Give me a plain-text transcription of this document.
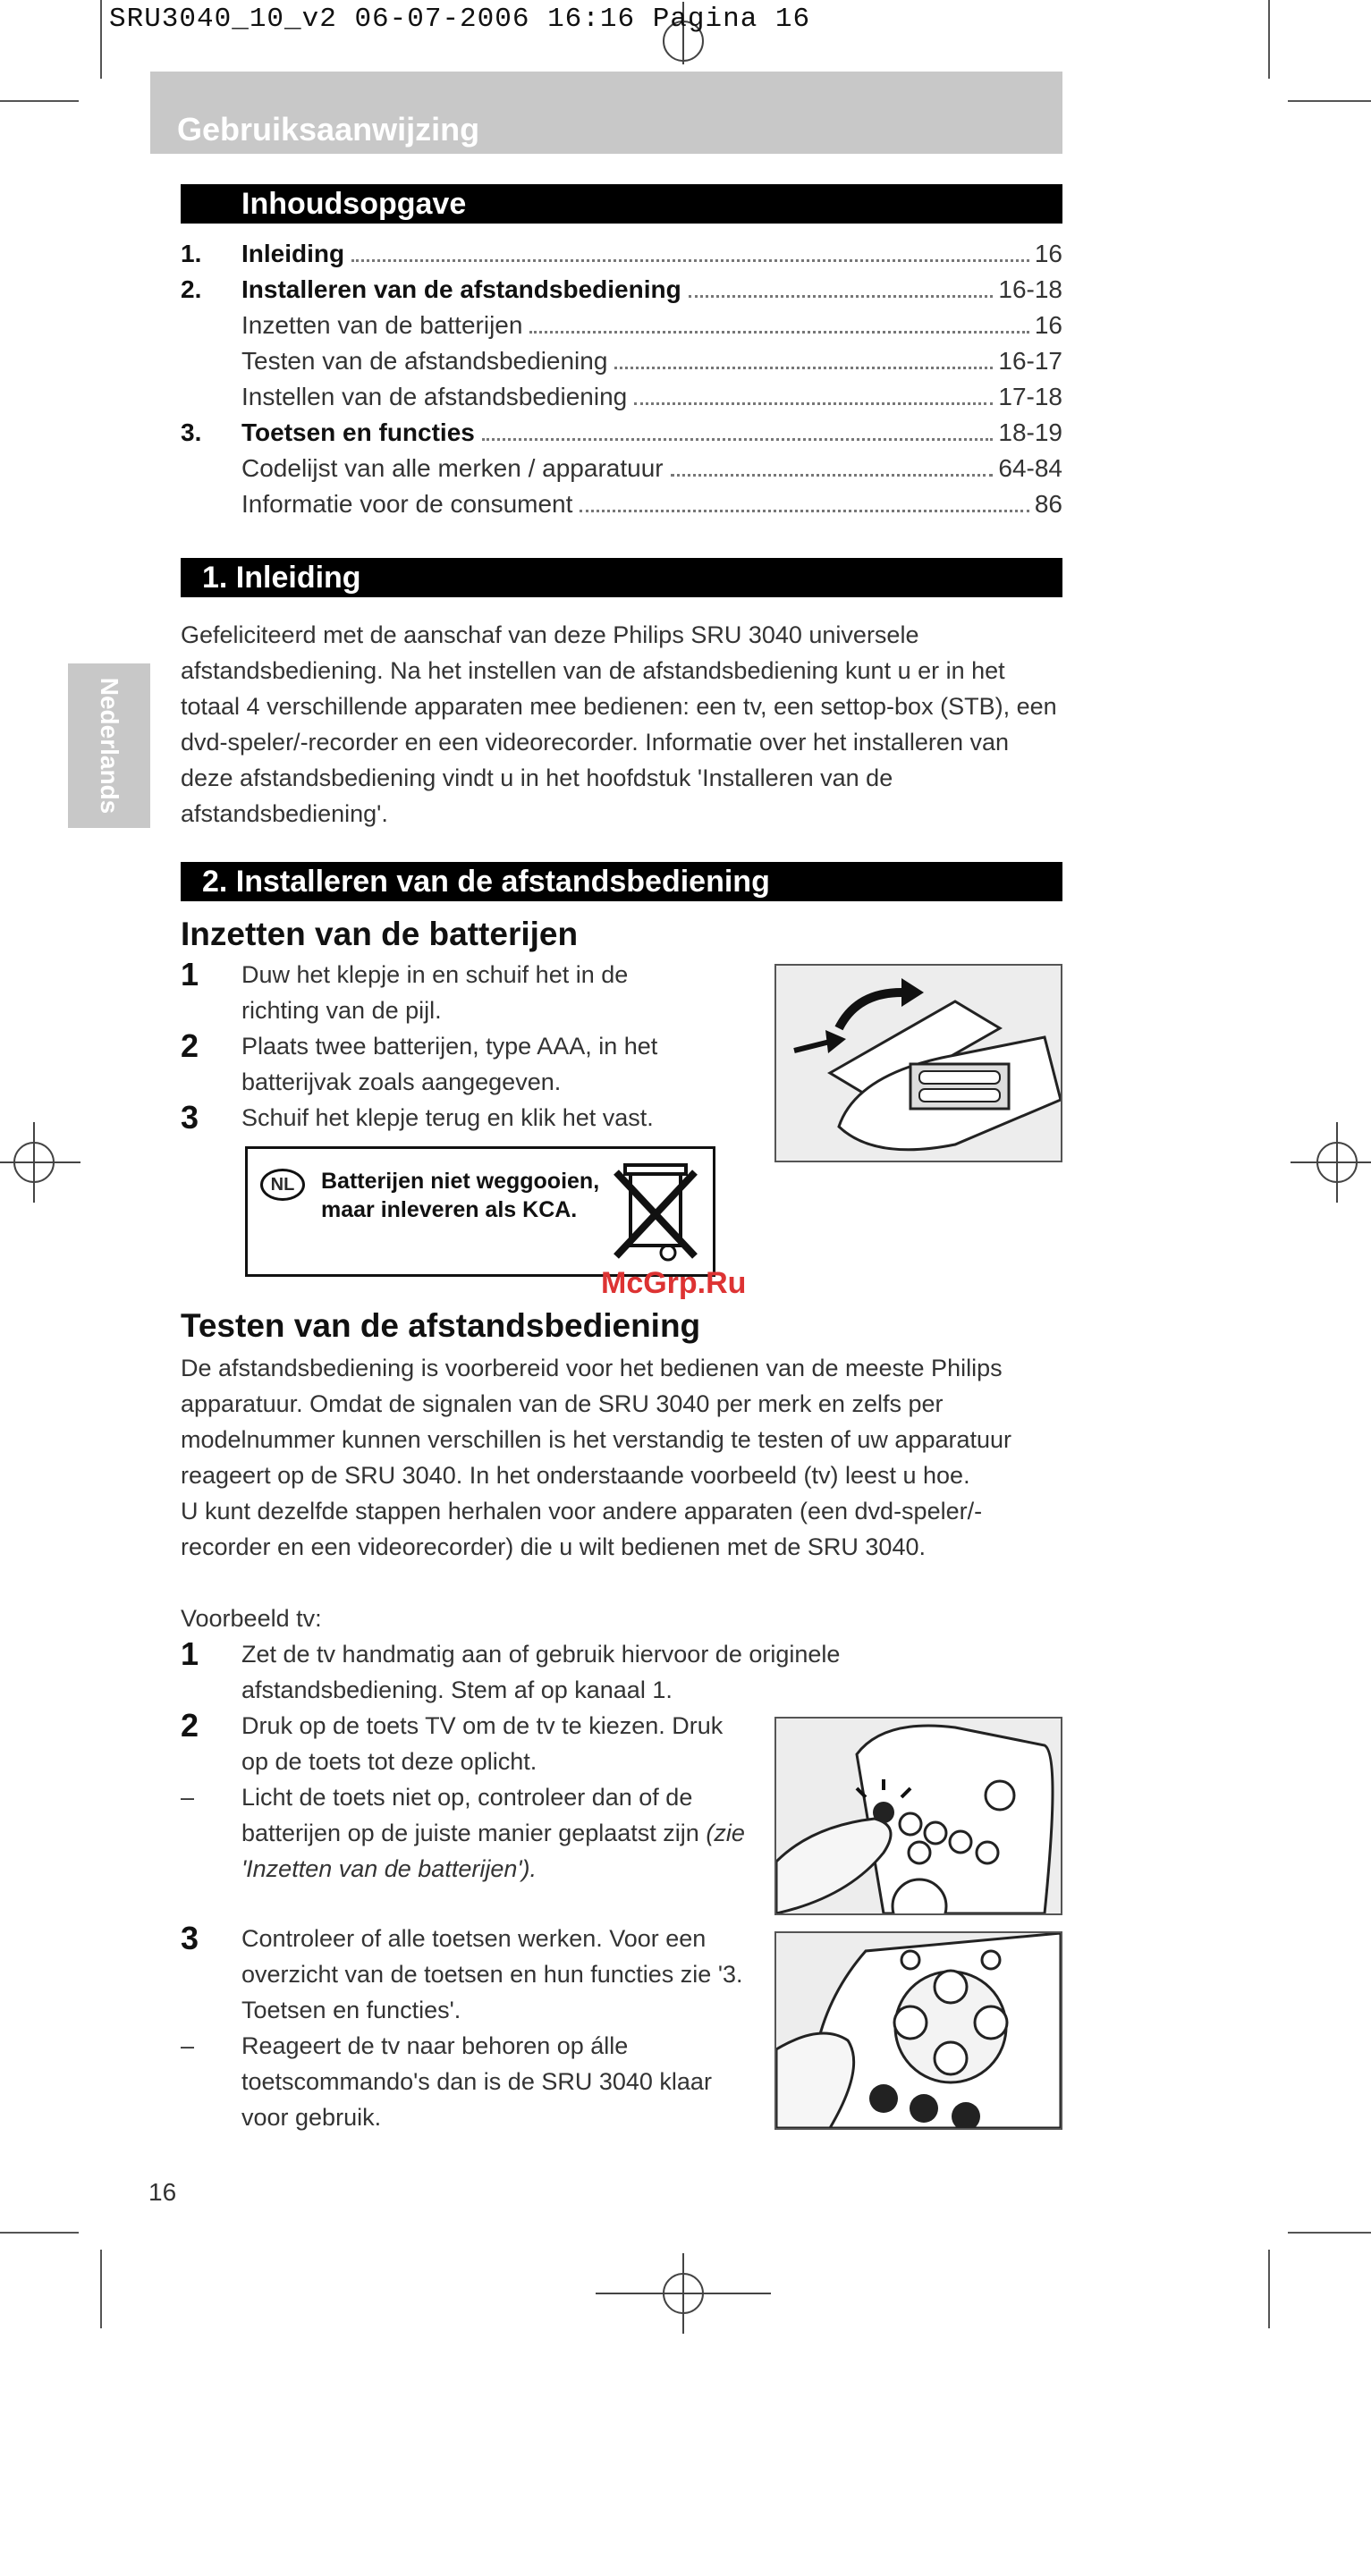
SRU3040_10_v2 06-07-2006 16:16 Pagina 16
Gebruiksaanwijzing
Nederlands
Inhoudsopgave
1.	Inleiding	16
2.	Installeren van de afstandsbediening	16-18
Inzetten van de batterijen	16
Testen van de afstandsbediening	16-17
Instellen van de afstandsbediening	17-18
3.	Toetsen en functies	18-19
Codelijst van alle merken / apparatuur	64-84
Informatie voor de consument	86
1. Inleiding
Gefeliciteerd met de aanschaf van deze Philips SRU 3040 universele afstandsbediening. Na het instellen van de afstandsbediening kunt u er in het totaal 4 verschillende apparaten mee bedienen: een tv, een settop-box (STB), een dvd-speler/-recorder en een videorecorder. Informatie over het installeren van deze afstandsbediening vindt u in het hoofdstuk 'Installeren van de afstandsbediening'.
2. Installeren van de afstandsbediening
Inzetten van de batterijen
1	Duw het klepje in en schuif het in de richting van de pijl.
2	Plaats twee batterijen, type AAA, in het batterijvak zoals aangegeven.
3	Schuif het klepje terug en klik het vast.
NL	Batterijen niet weggooien,
maar inleveren als KCA.
McGrp.Ru
Testen van de afstandsbediening
De afstandsbediening is voorbereid voor het bedienen van de meeste Philips apparatuur. Omdat de signalen van de SRU 3040 per merk en zelfs per modelnummer kunnen verschillen is het verstandig te testen of uw apparatuur reageert op de SRU 3040. In het onderstaande voorbeeld (tv) leest u hoe.
U kunt dezelfde stappen herhalen voor andere apparaten (een dvd-speler/-recorder en een videorecorder) die u wilt bedienen met de SRU 3040.
Voorbeeld tv:
1	Zet de tv handmatig aan of gebruik hiervoor de originele afstandsbediening. Stem af op kanaal 1.
2	Druk op de toets TV om de tv te kiezen. Druk op de toets tot deze oplicht.
–	Licht de toets niet op, controleer dan of de batterijen op de juiste manier geplaatst zijn (zie 'Inzetten van de batterijen').
3	Controleer of alle toetsen werken. Voor een overzicht van de toetsen en hun functies zie '3. Toetsen en functies'.
–	Reageert de tv naar behoren op álle toetscommando's dan is de SRU 3040 klaar voor gebruik.
16
